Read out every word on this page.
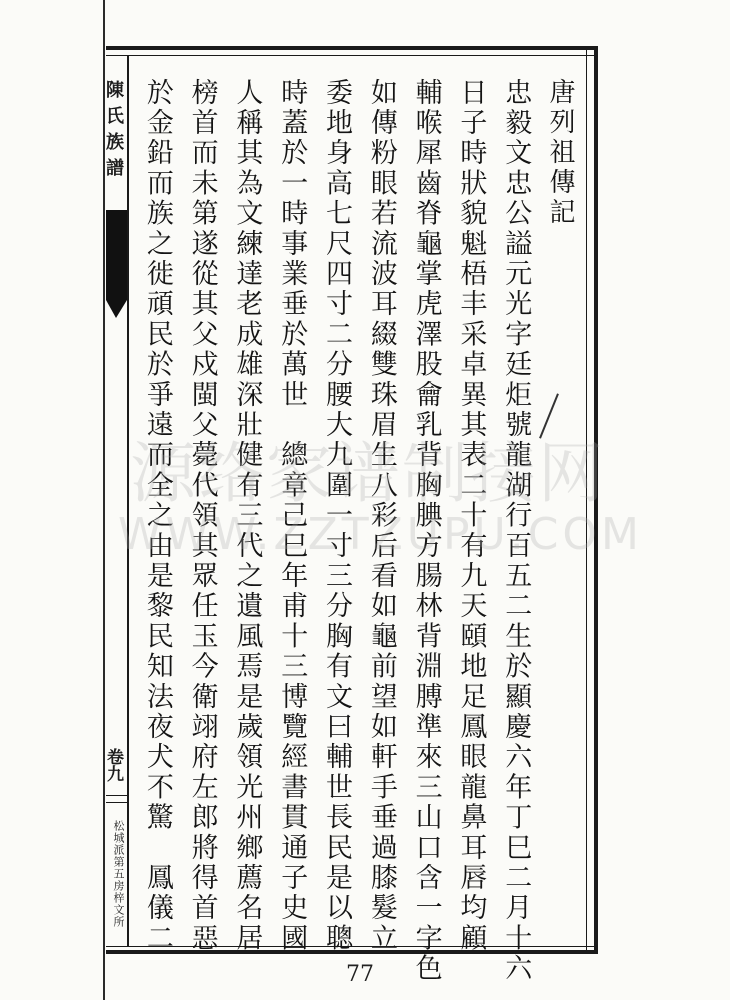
陳氏族譜
卷九
松城派第五房梓文所
唐列祖傳記
忠毅文忠公謚元光字廷炬號龍湖行百五二生於顯慶六年丁巳二月十六
日子時狀貌魁梧丰采卓異其表二十有九天頤地足鳳眼龍鼻耳唇均顧
輔喉犀齒脊龜掌虎澤股龠乳背胸腆方腸林背淵膊準來三山口含一字色
如傳粉眼若流波耳綴雙珠眉生八彩后看如龜前望如軒手垂過膝髮立
委地身高七尺四寸二分腰大九圍一寸三分胸有文曰輔世長民是以聰
時蓋於一時事業垂於萬世　總章己巳年甫十三博覽經書貫通子史國
人稱其為文練達老成雄深壯健有三代之遺風焉是歲領光州鄉薦名居
榜首而未第遂從其父戍閩父薨代領其眾任玉今衛翊府左郎將得首惡
於金鉛而族之徙頑民於爭遠而全之由是黎民知法夜犬不驚　鳳儀二
源络家谱制接网
WWW.ZZTZUPU.COM
77
